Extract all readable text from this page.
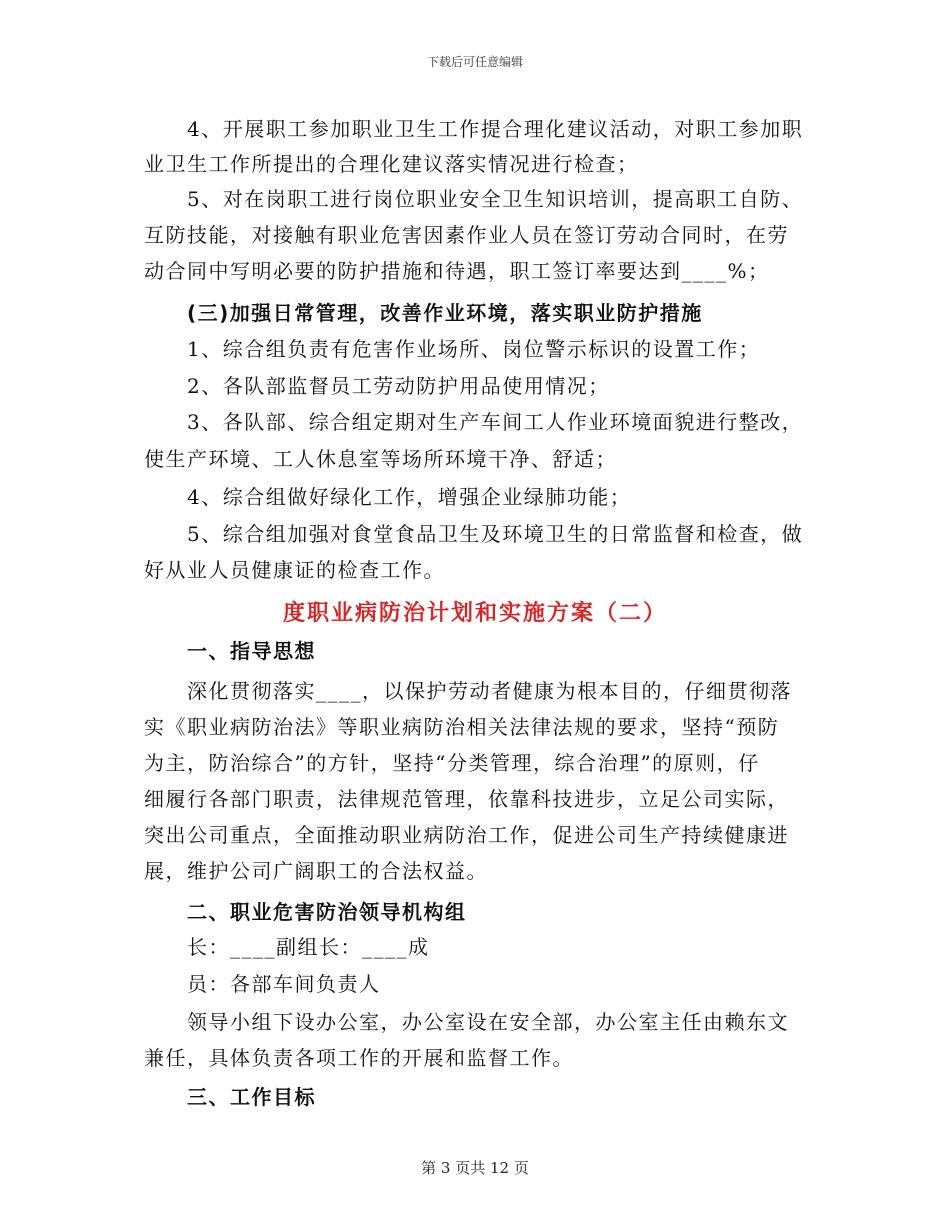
下载后可任意编辑
4、开展职工参加职业卫生工作提合理化建议活动，对职工参加职
业卫生工作所提出的合理化建议落实情况进行检查；
5、对在岗职工进行岗位职业安全卫生知识培训，提高职工自防、
互防技能，对接触有职业危害因素作业人员在签订劳动合同时，在劳
动合同中写明必要的防护措施和待遇，职工签订率要达到____%；
(三)加强日常管理，改善作业环境，落实职业防护措施
1、综合组负责有危害作业场所、岗位警示标识的设置工作；
2、各队部监督员工劳动防护用品使用情况；
3、各队部、综合组定期对生产车间工人作业环境面貌进行整改，
使生产环境、工人休息室等场所环境干净、舒适；
4、综合组做好绿化工作，增强企业绿肺功能；
5、综合组加强对食堂食品卫生及环境卫生的日常监督和检查，做
好从业人员健康证的检查工作。
度职业病防治计划和实施方案（二）
一、指导思想
深化贯彻落实____，以保护劳动者健康为根本目的，仔细贯彻落
实《职业病防治法》等职业病防治相关法律法规的要求，坚持“预防
为主，防治综合”的方针，坚持“分类管理，综合治理”的原则，仔
细履行各部门职责，法律规范管理，依靠科技进步，立足公司实际，
突出公司重点，全面推动职业病防治工作，促进公司生产持续健康进
展，维护公司广阔职工的合法权益。
二、职业危害防治领导机构组
长：____副组长：____成
员：各部车间负责人
领导小组下设办公室，办公室设在安全部，办公室主任由赖东文
兼任，具体负责各项工作的开展和监督工作。
三、工作目标
第 3 页共 12 页
